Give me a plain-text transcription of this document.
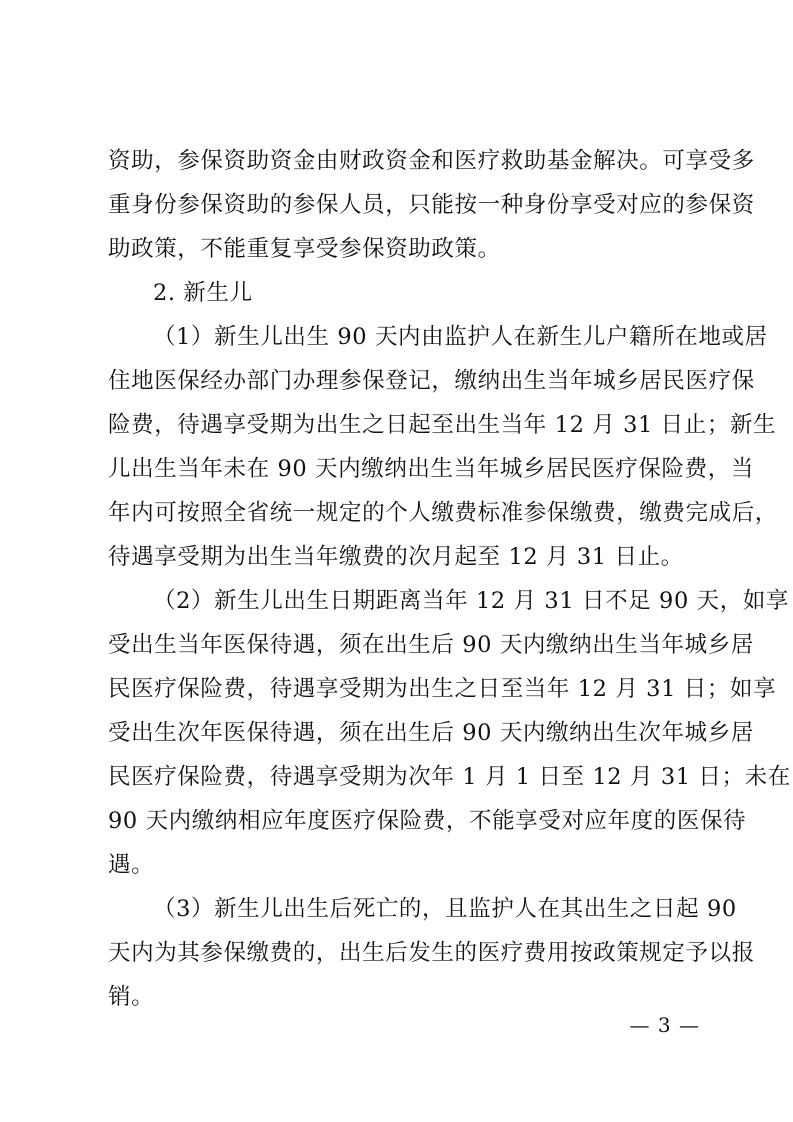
资助，参保资助资金由财政资金和医疗救助基金解决。可享受多
重身份参保资助的参保人员，只能按一种身份享受对应的参保资
助政策，不能重复享受参保资助政策。
2. 新生儿
（1）新生儿出生 90 天内由监护人在新生儿户籍所在地或居
住地医保经办部门办理参保登记，缴纳出生当年城乡居民医疗保
险费，待遇享受期为出生之日起至出生当年 12 月 31 日止；新生
儿出生当年未在 90 天内缴纳出生当年城乡居民医疗保险费，当
年内可按照全省统一规定的个人缴费标准参保缴费，缴费完成后，
待遇享受期为出生当年缴费的次月起至 12 月 31 日止。
（2）新生儿出生日期距离当年 12 月 31 日不足 90 天，如享
受出生当年医保待遇，须在出生后 90 天内缴纳出生当年城乡居
民医疗保险费，待遇享受期为出生之日至当年 12 月 31 日；如享
受出生次年医保待遇，须在出生后 90 天内缴纳出生次年城乡居
民医疗保险费，待遇享受期为次年 1 月 1 日至 12 月 31 日；未在
90 天内缴纳相应年度医疗保险费，不能享受对应年度的医保待
遇。
（3）新生儿出生后死亡的，且监护人在其出生之日起 90
天内为其参保缴费的，出生后发生的医疗费用按政策规定予以报
销。
— 3 —
